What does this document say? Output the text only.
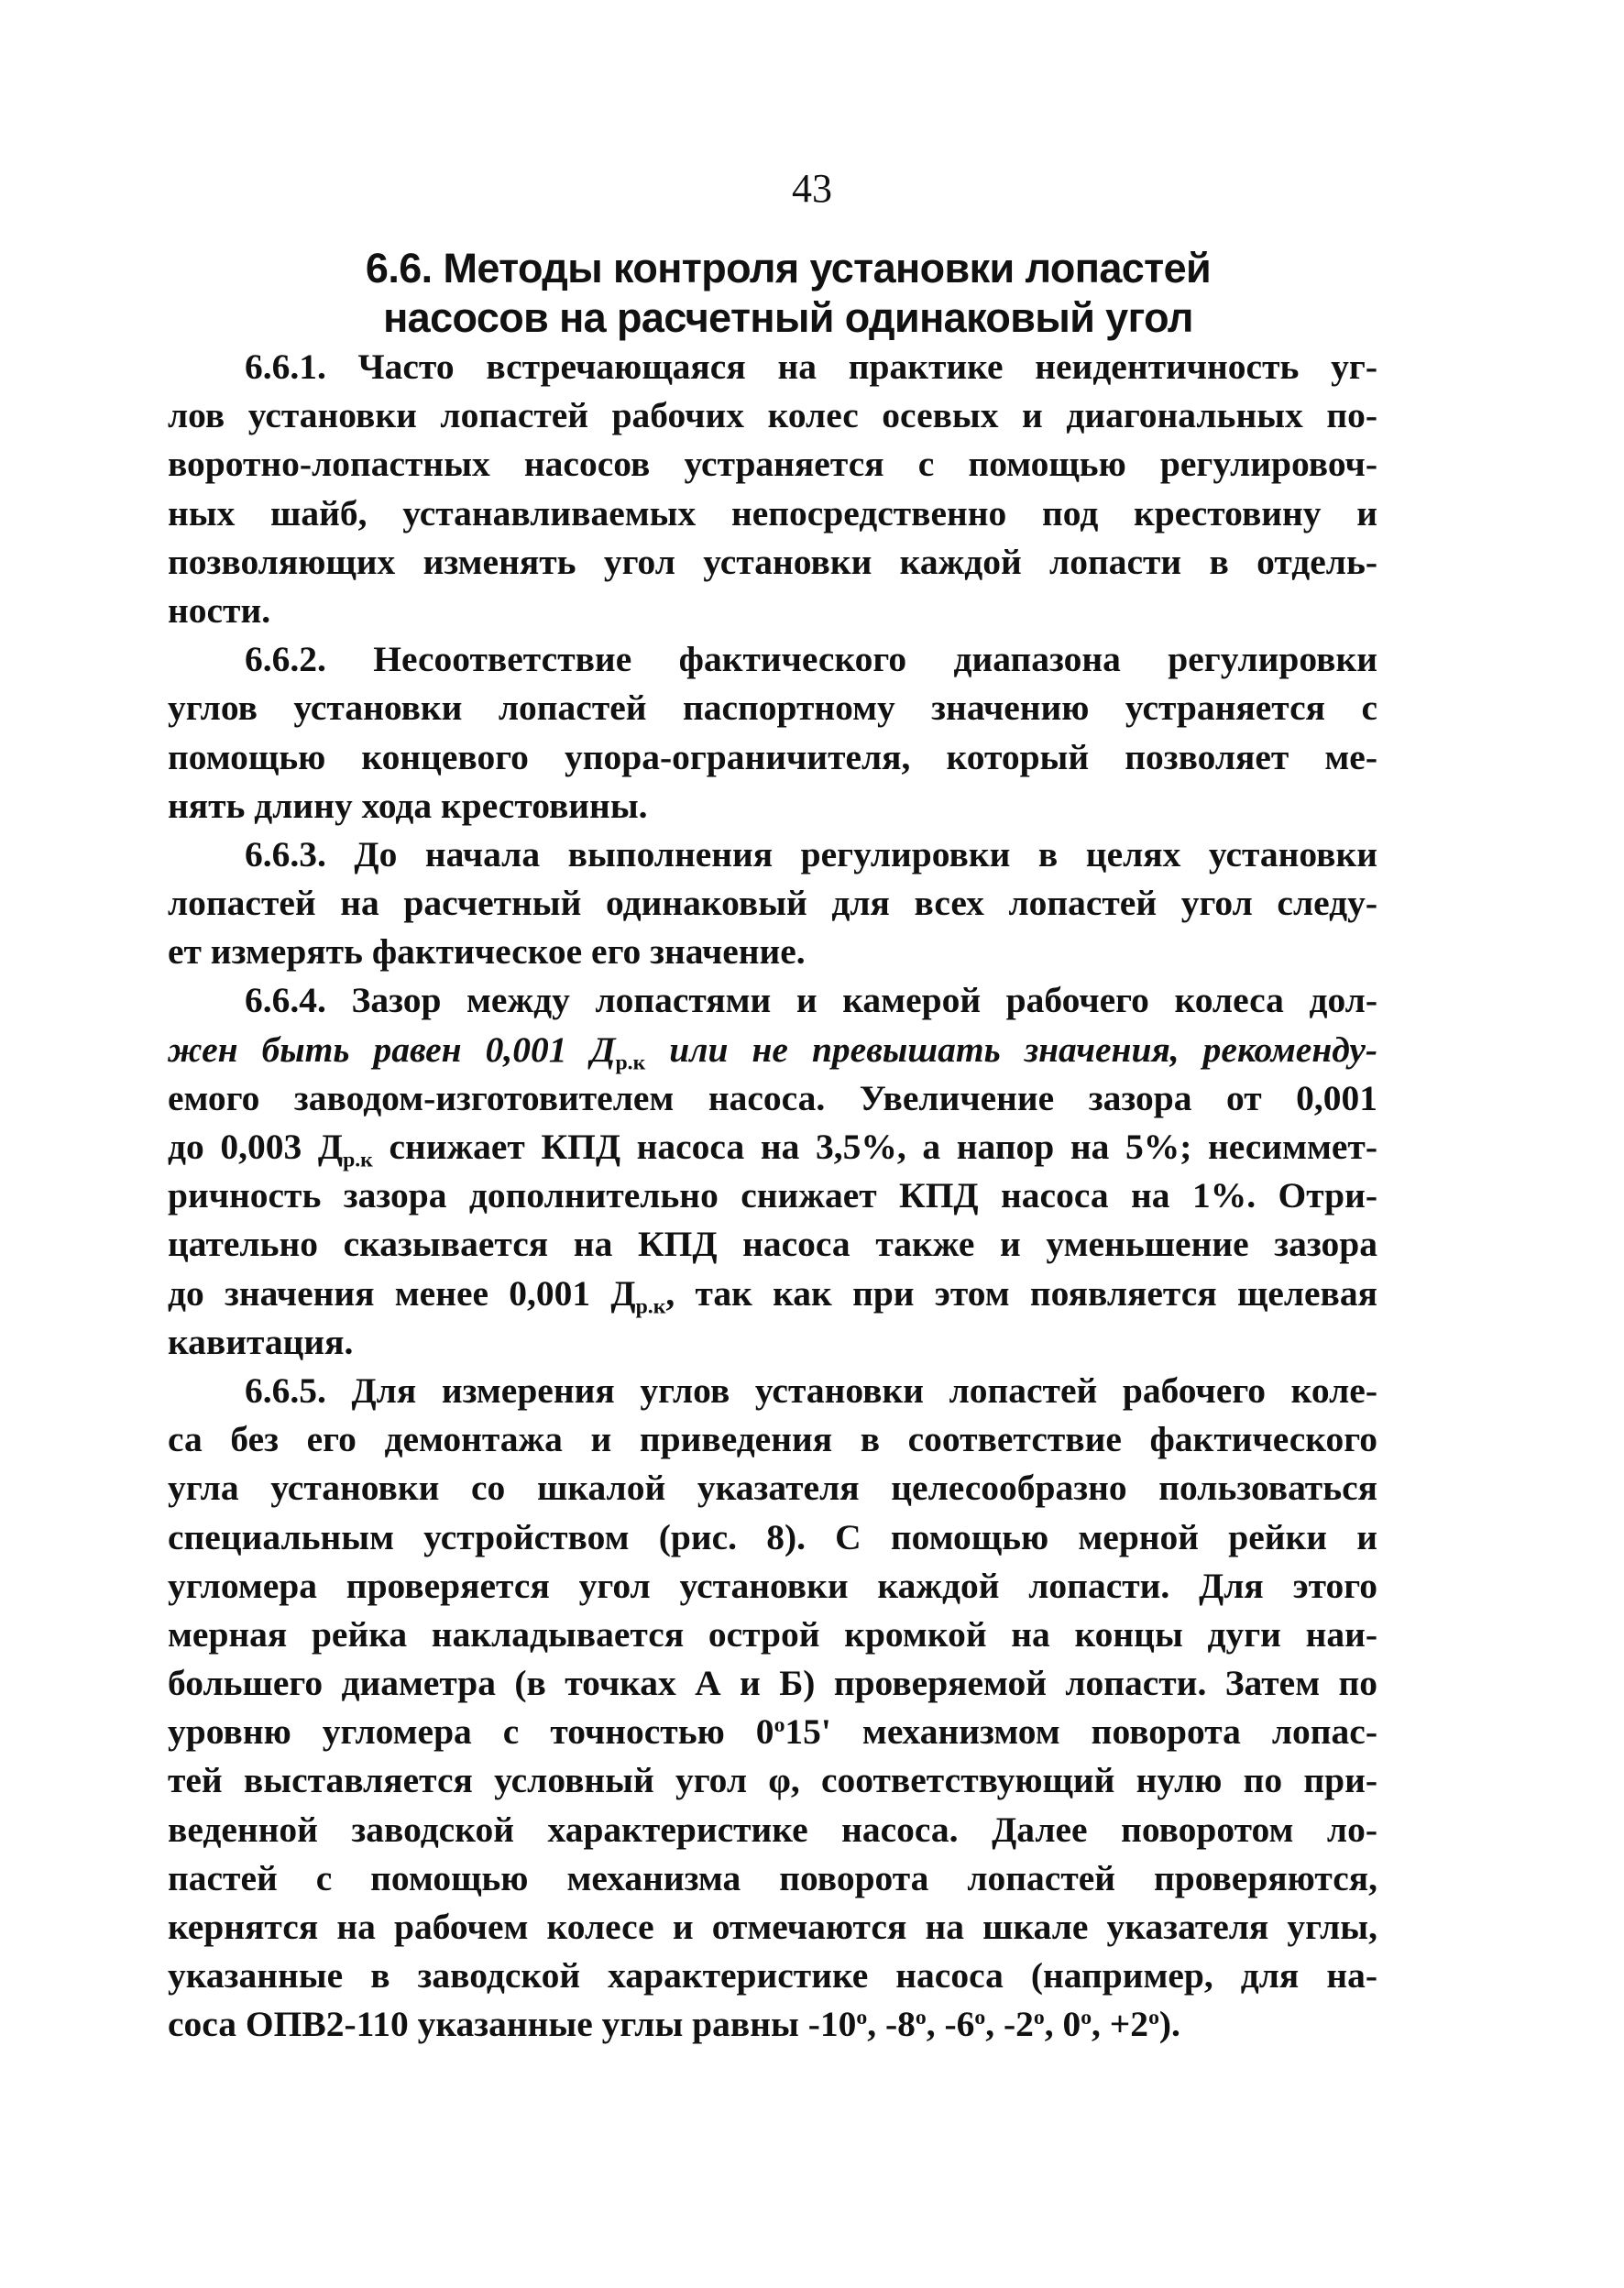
43
6.6. Методы контроля установки лопастей
насосов на расчетный одинаковый угол
6.6.1. Часто встречающаяся на практике неидентичность уг-
лов установки лопастей рабочих колес осевых и диагональных по-
воротно-лопастных насосов устраняется с помощью регулировоч-
ных шайб, устанавливаемых непосредственно под крестовину и
позволяющих изменять угол установки каждой лопасти в отдель-
ности.
6.6.2. Несоответствие фактического диапазона регулировки
углов установки лопастей паспортному значению устраняется с
помощью концевого упора-ограничителя, который позволяет ме-
нять длину хода крестовины.
6.6.3. До начала выполнения регулировки в целях установки
лопастей на расчетный одинаковый для всех лопастей угол следу-
ет измерять фактическое его значение.
6.6.4. Зазор между лопастями и камерой рабочего колеса дол-
жен быть равен 0,001 $Д_{р.к}$ или не превышать значения, рекоменду-
емого заводом-изготовителем насоса. Увеличение зазора от 0,001
до 0,003 $Д_{р.к}$ снижает КПД насоса на 3,5%, а напор на 5%; несиммет-
ричность зазора дополнительно снижает КПД насоса на 1%. Отри-
цательно сказывается на КПД насоса также и уменьшение зазора
до значения менее 0,001 $Д_{р.к}$, так как при этом появляется щелевая
кавитация.
6.6.5. Для измерения углов установки лопастей рабочего коле-
са без его демонтажа и приведения в соответствие фактического
угла установки со шкалой указателя целесообразно пользоваться
специальным устройством (рис. 8). С помощью мерной рейки и
угломера проверяется угол установки каждой лопасти. Для этого
мерная рейка накладывается острой кромкой на концы дуги наи-
большего диаметра (в точках А и Б) проверяемой лопасти. Затем по
уровню угломера с точностью $0^о15'$ механизмом поворота лопас-
тей выставляется условный угол φ, соответствующий нулю по при-
веденной заводской характеристике насоса. Далее поворотом ло-
пастей с помощью механизма поворота лопастей проверяются,
кернятся на рабочем колесе и отмечаются на шкале указателя углы,
указанные в заводской характеристике насоса (например, для на-
соса ОПВ2-110 указанные углы равны $-10^о$, $-8^о$, $-6^о$, $-2^о$, $0^о$, $+2^о$).
